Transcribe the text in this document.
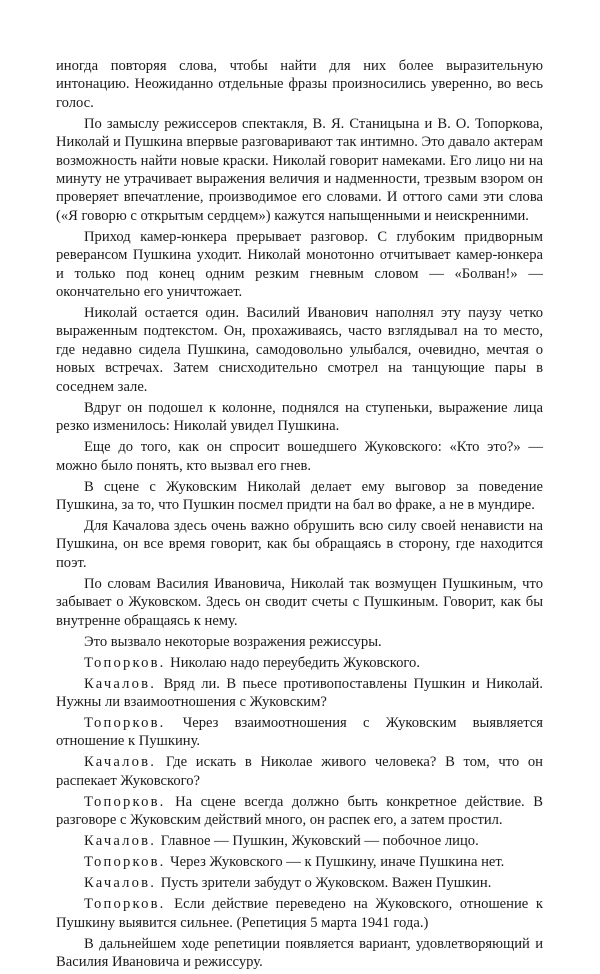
иногда повторяя слова, чтобы найти для них более выразительную интонацию. Неожиданно отдельные фразы произносились уверенно, во весь голос.

По замыслу режиссеров спектакля, В. Я. Станицына и В. О. Топоркова, Николай и Пушкина впервые разговаривают так интимно. Это давало актерам возможность найти новые краски. Николай говорит намеками. Его лицо ни на минуту не утрачивает выражения величия и надменности, трезвым взором он проверяет впечатление, производимое его словами. И оттого сами эти слова («Я говорю с открытым сердцем») кажутся напыщенными и неискренними.

Приход камер-юнкера прерывает разговор. С глубоким придворным реверансом Пушкина уходит. Николай монотонно отчитывает камер-юнкера и только под конец одним резким гневным словом — «Болван!» — окончательно его уничтожает.

Николай остается один. Василий Иванович наполнял эту паузу четко выраженным подтекстом. Он, прохаживаясь, часто взглядывал на то место, где недавно сидела Пушкина, самодовольно улыбался, очевидно, мечтая о новых встречах. Затем снисходительно смотрел на танцующие пары в соседнем зале.

Вдруг он подошел к колонне, поднялся на ступеньки, выражение лица резко изменилось: Николай увидел Пушкина.

Еще до того, как он спросит вошедшего Жуковского: «Кто это?» — можно было понять, кто вызвал его гнев.

В сцене с Жуковским Николай делает ему выговор за поведение Пушкина, за то, что Пушкин посмел придти на бал во фраке, а не в мундире.

Для Качалова здесь очень важно обрушить всю силу своей ненависти на Пушкина, он все время говорит, как бы обращаясь в сторону, где находится поэт.

По словам Василия Ивановича, Николай так возмущен Пушкиным, что забывает о Жуковском. Здесь он сводит счеты с Пушкиным. Говорит, как бы внутренне обращаясь к нему.

Это вызвало некоторые возражения режиссуры.

Топорков. Николаю надо переубедить Жуковского.

Качалов. Вряд ли. В пьесе противопоставлены Пушкин и Николай. Нужны ли взаимоотношения с Жуковским?

Топорков. Через взаимоотношения с Жуковским выявляется отношение к Пушкину.

Качалов. Где искать в Николае живого человека? В том, что он распекает Жуковского?

Топорков. На сцене всегда должно быть конкретное действие. В разговоре с Жуковским действий много, он распек его, а затем простил.

Качалов. Главное — Пушкин, Жуковский — побочное лицо.

Топорков. Через Жуковского — к Пушкину, иначе Пушкина нет.

Качалов. Пусть зрители забудут о Жуковском. Важен Пушкин.

Топорков. Если действие переведено на Жуковского, отношение к Пушкину выявится сильнее. (Репетиция 5 марта 1941 года.)

В дальнейшем ходе репетиции появляется вариант, удовлетворяющий и Василия Ивановича и режиссуру.
